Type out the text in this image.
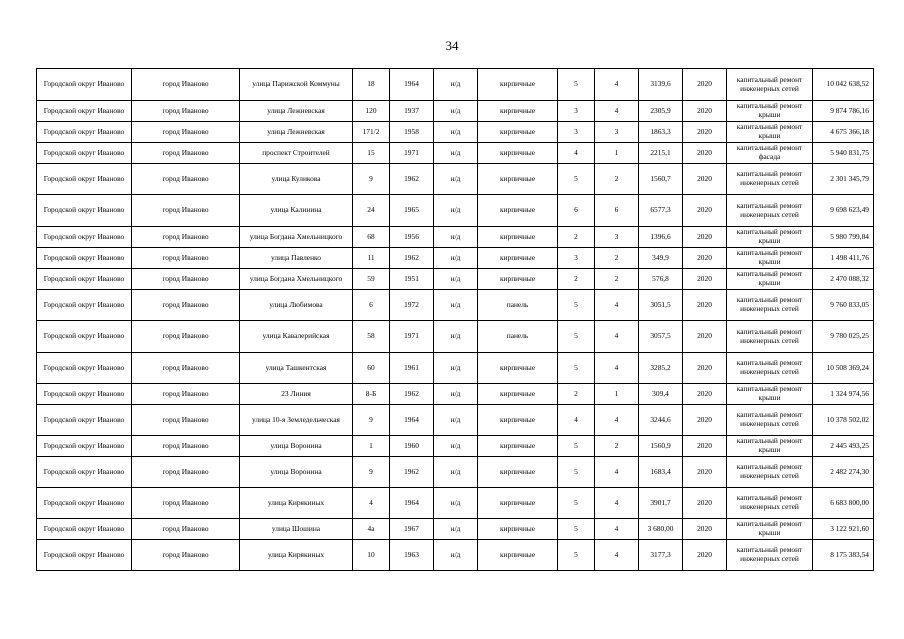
34
Городской округ Иваново	город Иваново	улица Парижской Коммуны	18	1964	н/д	кирпичные	5	4	3139,6	2020	капитальный ремонт инженерных сетей	10 042 638,52
Городской округ Иваново	город Иваново	улица Лежневская	120	1937	н/д	кирпичные	3	4	2305,9	2020	капитальный ремонт крыши	9 874 786,16
Городской округ Иваново	город Иваново	улица Лежневская	171/2	1958	н/д	кирпичные	3	3	1863,3	2020	капитальный ремонт крыши	4 675 366,18
Городской округ Иваново	город Иваново	проспект Строителей	15	1971	н/д	кирпичные	4	1	2215,1	2020	капитальный ремонт фасада	5 940 831,75
Городской округ Иваново	город Иваново	улица Куликова	9	1962	н/д	кирпичные	5	2	1560,7	2020	капитальный ремонт инженерных сетей	2 301 345,79
Городской округ Иваново	город Иваново	улица Калинина	24	1965	н/д	кирпичные	6	6	6577,3	2020	капитальный ремонт инженерных сетей	9 698 623,49
Городской округ Иваново	город Иваново	улица Богдана Хмельницкого	68	1956	н/д	кирпичные	2	3	1396,6	2020	капитальный ремонт крыши	5 980 799,84
Городской округ Иваново	город Иваново	улица Павленко	11	1962	н/д	кирпичные	3	2	349,9	2020	капитальный ремонт крыши	1 498 411,76
Городской округ Иваново	город Иваново	улица Богдана Хмельницкого	59	1951	н/д	кирпичные	2	2	576,8	2020	капитальный ремонт крыши	2 470 088,32
Городской округ Иваново	город Иваново	улица Любимова	6	1972	н/д	панель	5	4	3051,5	2020	капитальный ремонт инженерных сетей	9 760 833,05
Городской округ Иваново	город Иваново	улица Кавалерийская	58	1971	н/д	панель	5	4	3057,5	2020	капитальный ремонт инженерных сетей	9 780 025,25
Городской округ Иваново	город Иваново	улица Ташкентская	60	1961	н/д	кирпичные	5	4	3285,2	2020	капитальный ремонт инженерных сетей	10 508 369,24
Городской округ Иваново	город Иваново	23 Линия	8-Б	1962	н/д	кирпичные	2	1	309,4	2020	капитальный ремонт крыши	1 324 974,56
Городской округ Иваново	город Иваново	улица 10-я Земледельческая	9	1964	н/д	кирпичные	4	4	3244,6	2020	капитальный ремонт инженерных сетей	10 378 502,02
Городской округ Иваново	город Иваново	улица Воронина	1	1960	н/д	кирпичные	5	2	1560,9	2020	капитальный ремонт крыши	2 445 493,25
Городской округ Иваново	город Иваново	улица Воронина	9	1962	н/д	кирпичные	5	4	1683,4	2020	капитальный ремонт инженерных сетей	2 482 274,30
Городской округ Иваново	город Иваново	улица Кирякиных	4	1964	н/д	кирпичные	5	4	3901,7	2020	капитальный ремонт инженерных сетей	6 683 800,00
Городской округ Иваново	город Иваново	улица Шошина	4а	1967	н/д	кирпичные	5	4	3 680,00	2020	капитальный ремонт крыши	3 122 921,60
Городской округ Иваново	город Иваново	улица Кирякиных	10	1963	н/д	кирпичные	5	4	3177,3	2020	капитальный ремонт инженерных сетей	8 175 383,54
